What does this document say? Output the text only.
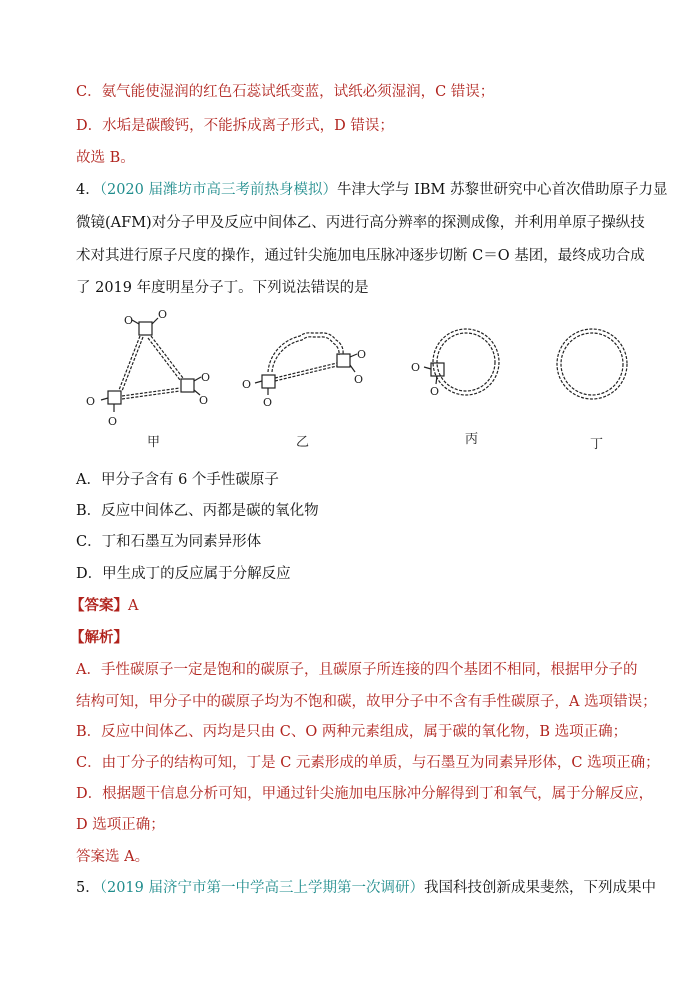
C．氨气能使湿润的红色石蕊试纸变蓝，试纸必须湿润，C 错误；
D．水垢是碳酸钙，不能拆成离子形式，D 错误；
故选 B。
4．（2020 届潍坊市高三考前热身模拟）牛津大学与 IBM 苏黎世研究中心首次借助原子力显
微镜(AFM)对分子甲及反应中间体乙、丙进行高分辨率的探测成像，并利用单原子操纵技
术对其进行原子尺度的操作，通过针尖施加电压脉冲逐步切断 C＝O 基团，最终成功合成
了 2019 年度明星分子丁。下列说法错误的是
O O
O
O
O
O
O
O
O
O
O
O
甲	乙	丙	丁
A．甲分子含有 6 个手性碳原子
B．反应中间体乙、丙都是碳的氧化物
C．丁和石墨互为同素异形体
D．甲生成丁的反应属于分解反应
【答案】A
【解析】
A．手性碳原子一定是饱和的碳原子，且碳原子所连接的四个基团不相同，根据甲分子的
结构可知，甲分子中的碳原子均为不饱和碳，故甲分子中不含有手性碳原子，A 选项错误；
B．反应中间体乙、丙均是只由 C、O 两种元素组成，属于碳的氧化物，B 选项正确；
C．由丁分子的结构可知，丁是 C 元素形成的单质，与石墨互为同素异形体，C 选项正确；
D．根据题干信息分析可知，甲通过针尖施加电压脉冲分解得到丁和氧气，属于分解反应，
D 选项正确；
答案选 A。
5．（2019 届济宁市第一中学高三上学期第一次调研）我国科技创新成果斐然，下列成果中
